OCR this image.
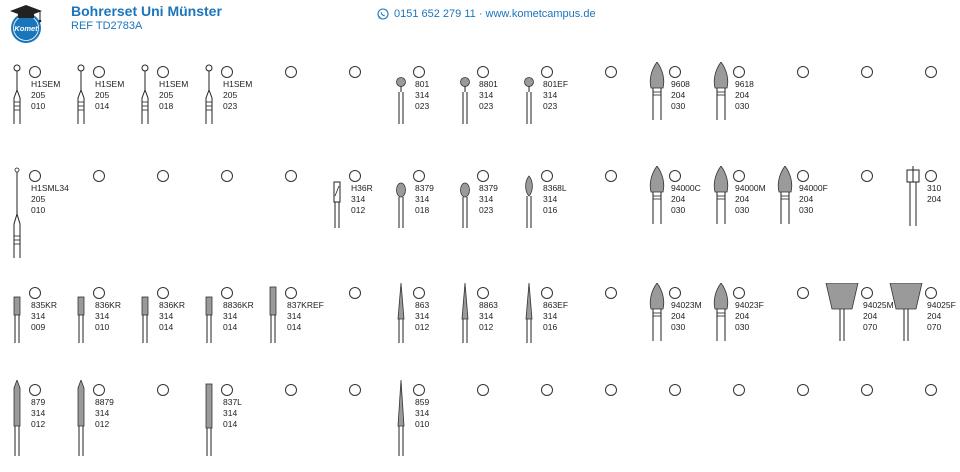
Komet
Bohrerset Uni Münster
REF TD2783A
0151 652 279 11 · www.kometcampus.de
H1SEM
205
010
H1SEM
205
014
H1SEM
205
018
H1SEM
205
023
801
314
023
8801
314
023
801EF
314
023
9608
204
030
9618
204
030
H1SML34
205
010
H36R
314
012
8379
314
018
8379
314
023
8368L
314
016
94000C
204
030
94000M
204
030
94000F
204
030
310
204
835KR
314
009
836KR
314
010
836KR
314
014
8836KR
314
014
837KREF
314
014
863
314
012
8863
314
012
863EF
314
016
94023M
204
030
94023F
204
030
94025M
204
070
94025F
204
070
879
314
012
8879
314
012
837L
314
014
859
314
010
